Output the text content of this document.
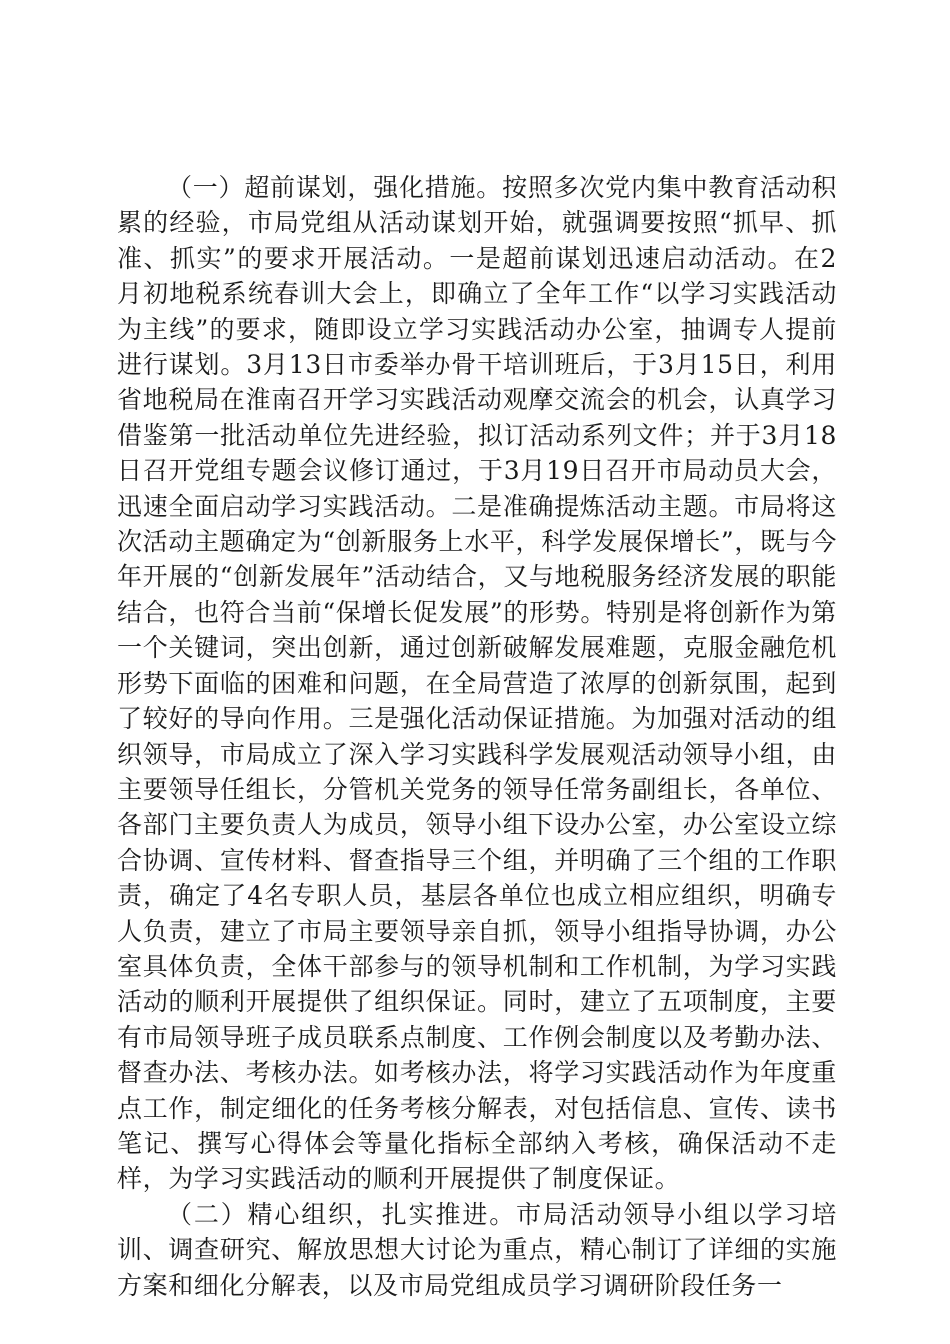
（一）超前谋划，强化措施。按照多次党内集中教育活动积累的经验，市局党组从活动谋划开始，就强调要按照“抓早、抓准、抓实”的要求开展活动。一是超前谋划迅速启动活动。在2月初地税系统春训大会上，即确立了全年工作“以学习实践活动为主线”的要求，随即设立学习实践活动办公室，抽调专人提前进行谋划。3月13日市委举办骨干培训班后，于3月15日，利用省地税局在淮南召开学习实践活动观摩交流会的机会，认真学习借鉴第一批活动单位先进经验，拟订活动系列文件；并于3月18日召开党组专题会议修订通过，于3月19日召开市局动员大会，迅速全面启动学习实践活动。二是准确提炼活动主题。市局将这次活动主题确定为“创新服务上水平，科学发展保增长”，既与今年开展的“创新发展年”活动结合，又与地税服务经济发展的职能结合，也符合当前“保增长促发展”的形势。特别是将创新作为第一个关键词，突出创新，通过创新破解发展难题，克服金融危机形势下面临的困难和问题，在全局营造了浓厚的创新氛围，起到了较好的导向作用。三是强化活动保证措施。为加强对活动的组织领导，市局成立了深入学习实践科学发展观活动领导小组，由主要领导任组长，分管机关党务的领导任常务副组长，各单位、各部门主要负责人为成员，领导小组下设办公室，办公室设立综合协调、宣传材料、督查指导三个组，并明确了三个组的工作职责，确定了4名专职人员，基层各单位也成立相应组织，明确专人负责，建立了市局主要领导亲自抓，领导小组指导协调，办公室具体负责，全体干部参与的领导机制和工作机制，为学习实践活动的顺利开展提供了组织保证。同时，建立了五项制度，主要有市局领导班子成员联系点制度、工作例会制度以及考勤办法、督查办法、考核办法。如考核办法，将学习实践活动作为年度重点工作，制定细化的任务考核分解表，对包括信息、宣传、读书笔记、撰写心得体会等量化指标全部纳入考核，确保活动不走样，为学习实践活动的顺利开展提供了制度保证。

（二）精心组织，扎实推进。市局活动领导小组以学习培训、调查研究、解放思想大讨论为重点，精心制订了详细的实施方案和细化分解表，以及市局党组成员学习调研阶段任务一
